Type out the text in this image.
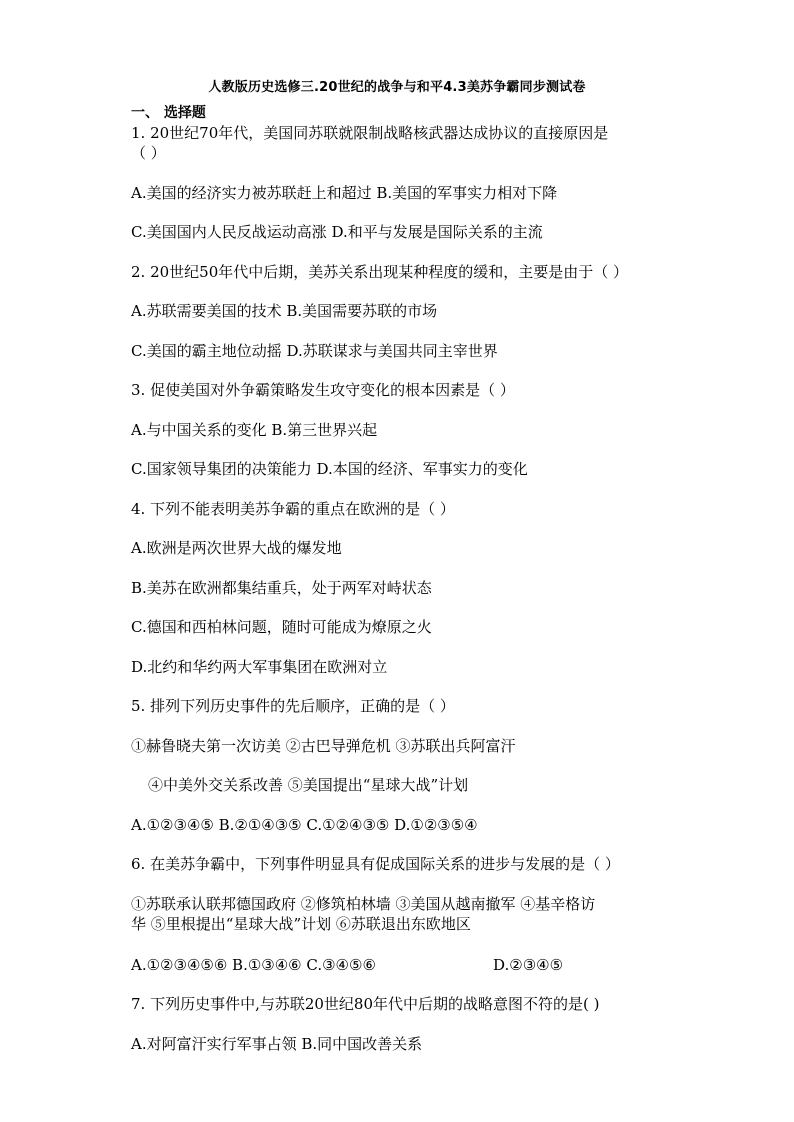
人教版历史选修三.20世纪的战争与和平4.3美苏争霸同步测试卷
一、 选择题
1. 20世纪70年代，美国同苏联就限制战略核武器达成协议的直接原因是
（ ）
A.美国的经济实力被苏联赶上和超过 B.美国的军事实力相对下降
C.美国国内人民反战运动高涨 D.和平与发展是国际关系的主流
2. 20世纪50年代中后期，美苏关系出现某种程度的缓和，主要是由于（ ）
A.苏联需要美国的技术 B.美国需要苏联的市场
C.美国的霸主地位动摇 D.苏联谋求与美国共同主宰世界
3. 促使美国对外争霸策略发生攻守变化的根本因素是（ ）
A.与中国关系的变化 B.第三世界兴起
C.国家领导集团的决策能力 D.本国的经济、军事实力的变化
4. 下列不能表明美苏争霸的重点在欧洲的是（ ）
A.欧洲是两次世界大战的爆发地
B.美苏在欧洲都集结重兵，处于两军对峙状态
C.德国和西柏林问题，随时可能成为燎原之火
D.北约和华约两大军事集团在欧洲对立
5. 排列下列历史事件的先后顺序，正确的是（ ）
①赫鲁晓夫第一次访美 ②古巴导弹危机 ③苏联出兵阿富汗
④中美外交关系改善 ⑤美国提出“星球大战”计划
A.①②③④⑤ B.②①④③⑤ C.①②④③⑤ D.①②③⑤④
6. 在美苏争霸中，下列事件明显具有促成国际关系的进步与发展的是（ ）
①苏联承认联邦德国政府 ②修筑柏林墙 ③美国从越南撤军 ④基辛格访
华 ⑤里根提出“星球大战”计划 ⑥苏联退出东欧地区
A.①②③④⑤⑥ B.①③④⑥ C.③④⑤⑥	D.②③④⑤
7. 下列历史事件中,与苏联20世纪80年代中后期的战略意图不符的是( )
A.对阿富汗实行军事占领 B.同中国改善关系
